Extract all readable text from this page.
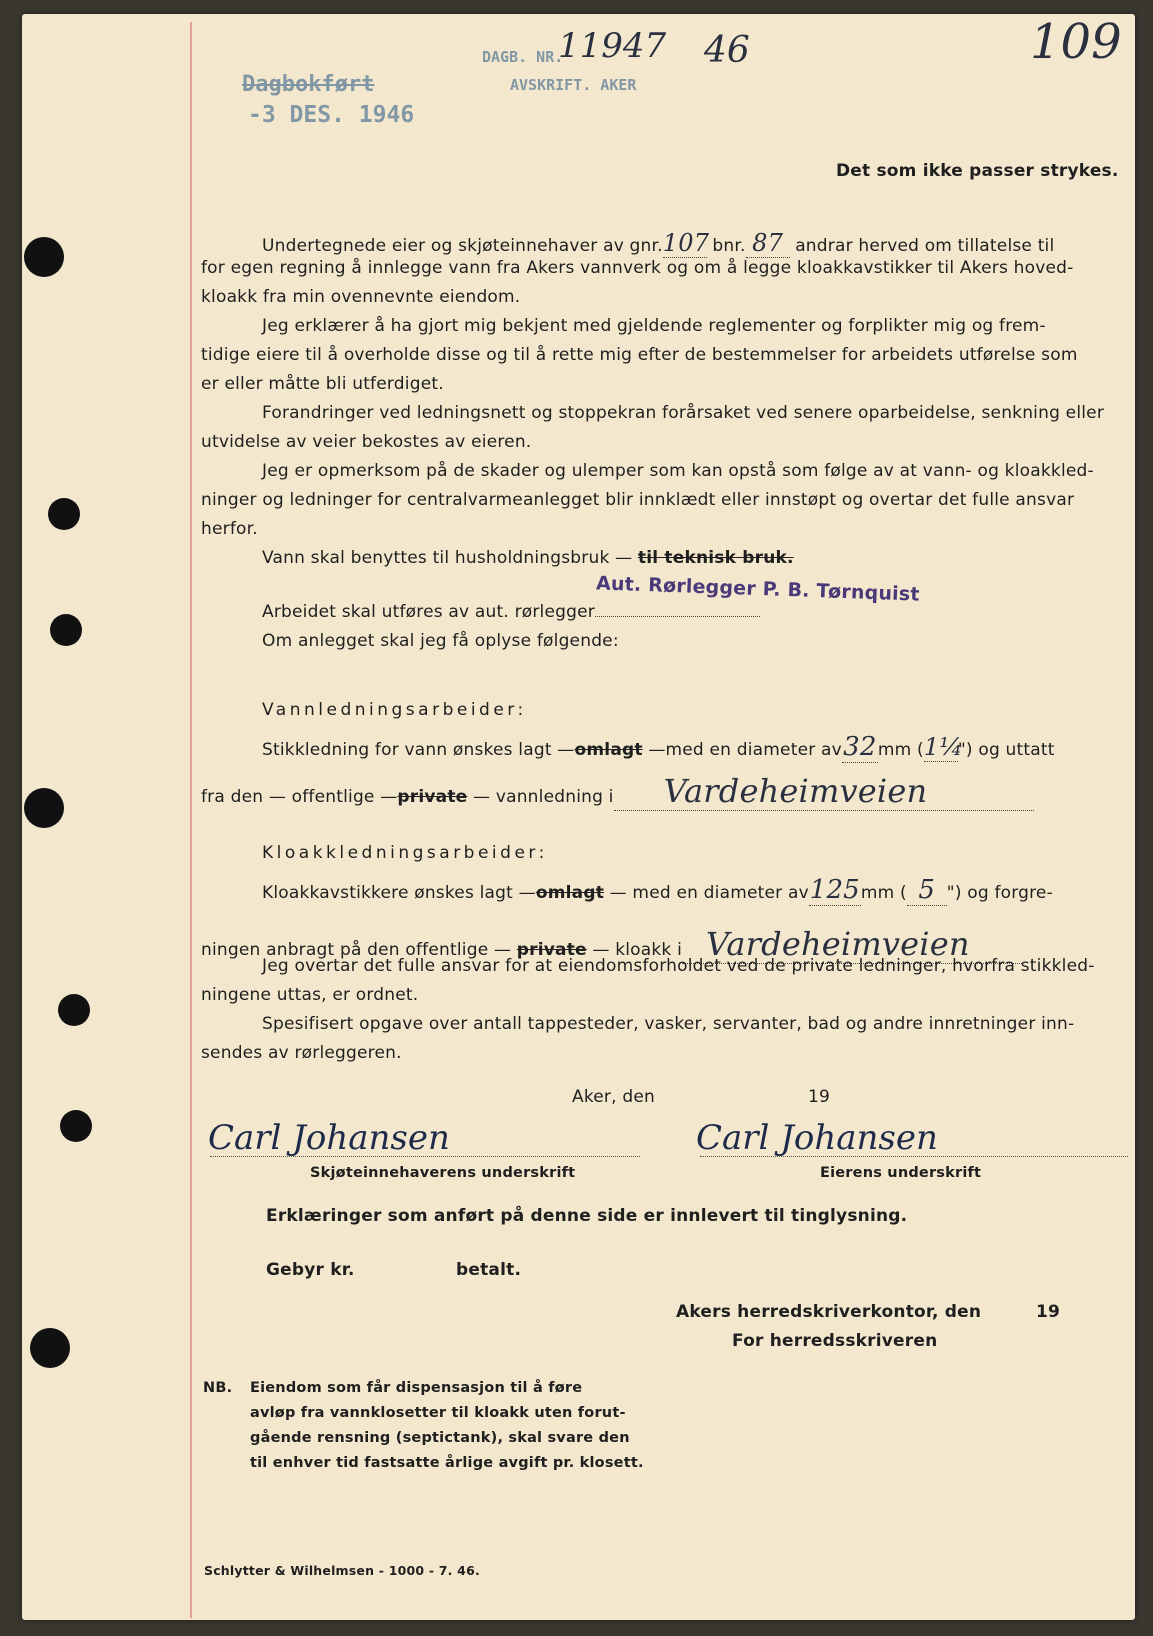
Dagbokført
-3 DES. 1946
DAGB. NR.
11947 46
AVSKRIFT. AKER
109
Det som ikke passer strykes.
Undertegnede eier og skjøteinnehaver av gnr.107 bnr. 87 andrar herved om tillatelse til
for egen regning å innlegge vann fra Akers vannverk og om å legge kloakkavstikker til Akers hoved-
kloakk fra min ovennevnte eiendom.
Jeg erklærer å ha gjort mig bekjent med gjeldende reglementer og forplikter mig og frem-
tidige eiere til å overholde disse og til å rette mig efter de bestemmelser for arbeidets utførelse som
er eller måtte bli utferdiget.
Forandringer ved ledningsnett og stoppekran forårsaket ved senere oparbeidelse, senkning eller
utvidelse av veier bekostes av eieren.
Jeg er opmerksom på de skader og ulemper som kan opstå som følge av at vann- og kloakkled-
ninger og ledninger for centralvarmeanlegget blir innklædt eller innstøpt og overtar det fulle ansvar
herfor.
Vann skal benyttes til husholdningsbruk — til teknisk bruk.
Aut. Rørlegger P. B. Tørnquist
Arbeidet skal utføres av aut. rørlegger
Om anlegget skal jeg få oplyse følgende:
Vannledningsarbeider:
Stikkledning for vann ønskes lagt —omlagt —med en diameter av32mm (1¼") og uttatt
fra den — offentlige —private — vannledning i Vardeheimveien
Kloakkledningsarbeider:
Kloakkavstikkere ønskes lagt —omlagt — med en diameter av125mm ( 5 ") og forgre-
ningen anbragt på den offentlige — private — kloakk i Vardeheimveien
Jeg overtar det fulle ansvar for at eiendomsforholdet ved de private ledninger, hvorfra stikkled-
ningene uttas, er ordnet.
Spesifisert opgave over antall tappesteder, vasker, servanter, bad og andre innretninger inn-
sendes av rørleggeren.
Aker, den	19
Carl Johansen
Skjøteinnehaverens underskrift
Carl Johansen
Eierens underskrift
Erklæringer som anført på denne side er innlevert til tinglysning.
Gebyr kr.	betalt.
Akers herredskriverkontor, den	19
For herredsskriveren
NB. Eiendom som får dispensasjon til å føre
avløp fra vannklosetter til kloakk uten forut-
gående rensning (septictank), skal svare den
til enhver tid fastsatte årlige avgift pr. klosett.
Schlytter & Wilhelmsen - 1000 - 7. 46.
